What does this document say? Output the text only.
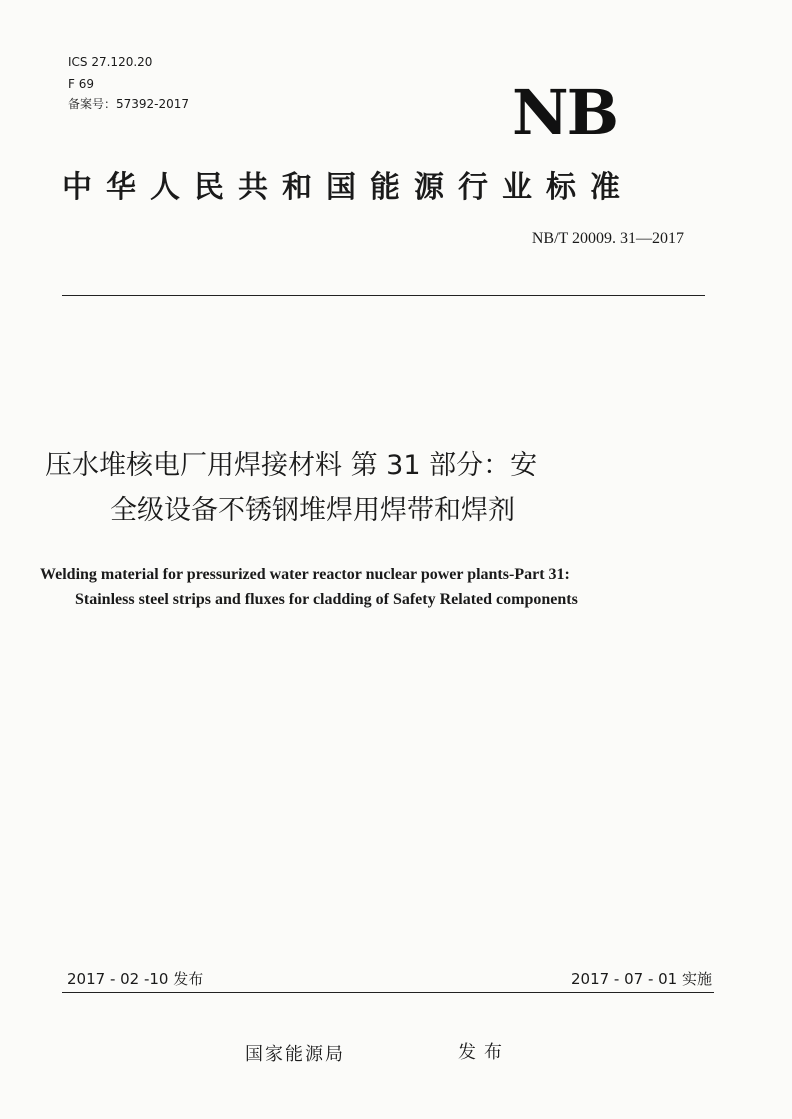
ICS 27.120.20
F 69
备案号：57392-2017	NB
中华人民共和国能源行业标准
NB/T 20009. 31—2017
压水堆核电厂用焊接材料 第 31 部分：安
全级设备不锈钢堆焊用焊带和焊剂
Welding material for pressurized water reactor nuclear power plants-Part 31:
Stainless steel strips and fluxes for cladding of Safety Related components
2017 - 02 -10 发布	2017 - 07 - 01 实施
国家能源局	发布
